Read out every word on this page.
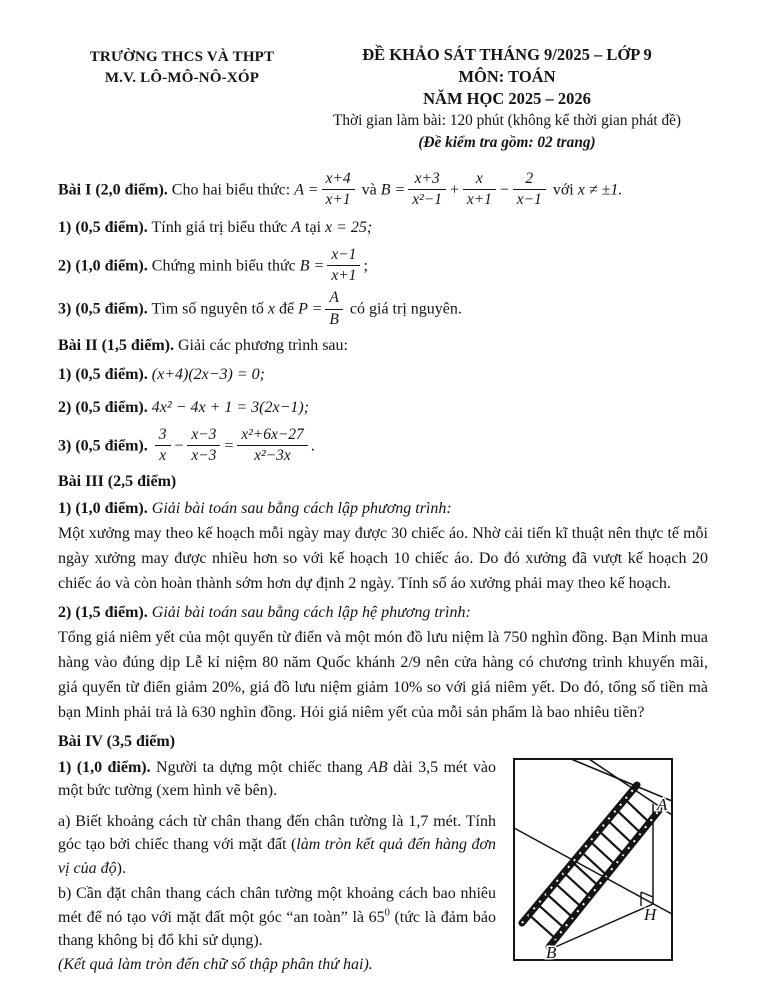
TRƯỜNG THCS VÀ THPT
M.V. LÔ-MÔ-NÔ-XÓP
ĐỀ KHẢO SÁT THÁNG 9/2025 – LỚP 9
MÔN: TOÁN
NĂM HỌC 2025 – 2026
Thời gian làm bài: 120 phút (không kể thời gian phát đề)
(Đề kiểm tra gồm: 02 trang)

Bài I (2,0 điểm). Cho hai biểu thức: $A = \frac{x+4}{x+1}$ và $B = \frac{x+3}{\text{x²−1}} + \frac{x}{x+1} - \frac{2}{x-1}$ với x ≠ ±1.

1) (0,5 điểm). Tính giá trị biểu thức A tại x = 25;

2) (1,0 điểm). Chứng minh biểu thức $B = \frac{x-1}{x+1}$ ;

3) (0,5 điểm). Tìm số nguyên tố x để $P = \frac{A}{B}$ có giá trị nguyên.

Bài II (1,5 điểm). Giải các phương trình sau:

1) (0,5 điểm). (x+4)(2x−3) = 0;

2) (0,5 điểm). 4x² − 4x + 1 = 3(2x−1);

3) (0,5 điểm). $\frac{3}{x} - \frac{x-3}{x-3} = \frac{\text{x²+6x−27}}{\text{x²−3x}}$ .

Bài III (2,5 điểm)

1) (1,0 điểm). Giải bài toán sau bằng cách lập phương trình:

Một xưởng may theo kế hoạch mỗi ngày may được 30 chiếc áo. Nhờ cải tiến kĩ thuật nên thực tế mỗi ngày xưởng may được nhiều hơn so với kế hoạch 10 chiếc áo. Do đó xưởng đã vượt kế hoạch 20 chiếc áo và còn hoàn thành sớm hơn dự định 2 ngày. Tính số áo xưởng phải may theo kế hoạch.

2) (1,5 điểm). Giải bài toán sau bằng cách lập hệ phương trình:

Tổng giá niêm yết của một quyển từ điển và một món đồ lưu niệm là 750 nghìn đồng. Bạn Minh mua hàng vào đúng dịp Lễ kỉ niệm 80 năm Quốc khánh 2/9 nên cửa hàng có chương trình khuyến mãi, giá quyển từ điển giảm 20%, giá đồ lưu niệm giảm 10% so với giá niêm yết. Do đó, tổng số tiền mà bạn Minh phải trả là 630 nghìn đồng. Hỏi giá niêm yết của mỗi sản phẩm là bao nhiêu tiền?

Bài IV (3,5 điểm)

1) (1,0 điểm). Người ta dựng một chiếc thang AB dài 3,5 mét vào một bức tường (xem hình vẽ bên).

a) Biết khoảng cách từ chân thang đến chân tường là 1,7 mét. Tính góc tạo bởi chiếc thang với mặt đất (làm tròn kết quả đến hàng đơn vị của độ).

b) Cần đặt chân thang cách chân tường một khoảng cách bao nhiêu mét để nó tạo với mặt đất một góc “an toàn” là $65^0$ (tức là đảm bảo thang không bị đổ khi sử dụng).

(Kết quả làm tròn đến chữ số thập phân thứ hai).

A
B
H
